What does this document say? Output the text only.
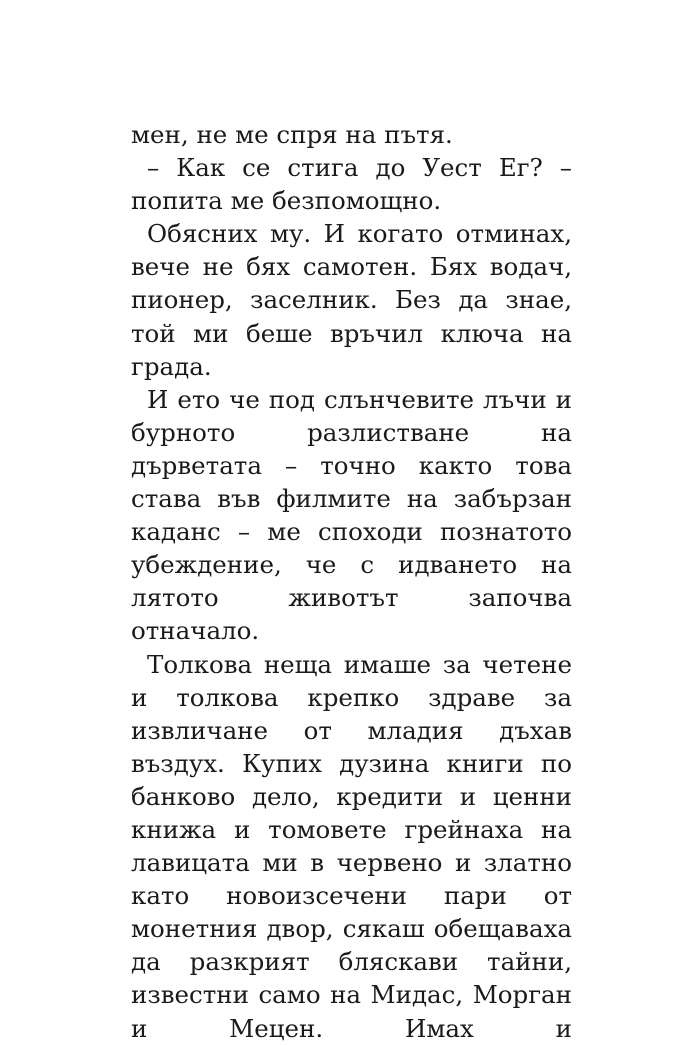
мен, не ме спря на пътя.

– Как се стига до Уест Ег? – попита ме безпомощно.

Обясних му. И когато отминах, вече не бях самотен. Бях водач, пионер, заселник. Без да знае, той ми беше връчил ключа на града.

И ето че под слънчевите лъчи и бурното разлистване на дърветата – точно както това става във филмите на забързан каданс – ме споходи познатото убеждение, че с идването на лятото животът започва отначало.

Толкова неща имаше за четене и толкова крепко здраве за извличане от младия дъхав въздух. Купих дузина книги по банково дело, кредити и ценни книжа и томовете грейнаха на лавицата ми в червено и златно като новоизсечени пари от монетния двор, сякаш обещаваха да разкрият бляскави тайни, известни само на Мидас, Морган и Мецен. Имах и
